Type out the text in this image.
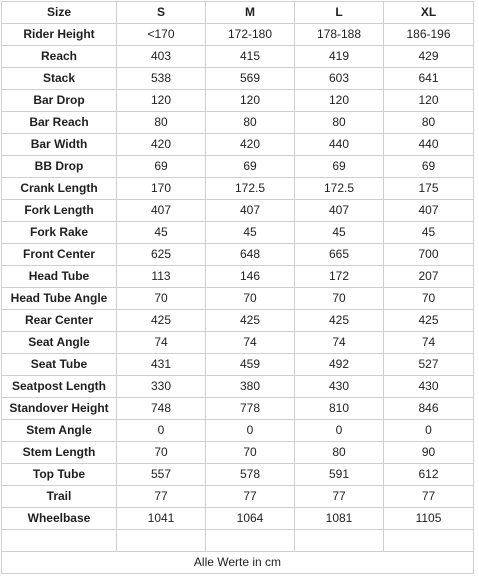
Size	S	M	L	XL
Rider Height	<170	172-180	178-188	186-196
Reach	403	415	419	429
Stack	538	569	603	641
Bar Drop	120	120	120	120
Bar Reach	80	80	80	80
Bar Width	420	420	440	440
BB Drop	69	69	69	69
Crank Length	170	172.5	172.5	175
Fork Length	407	407	407	407
Fork Rake	45	45	45	45
Front Center	625	648	665	700
Head Tube	113	146	172	207
Head Tube Angle	70	70	70	70
Rear Center	425	425	425	425
Seat Angle	74	74	74	74
Seat Tube	431	459	492	527
Seatpost Length	330	380	430	430
Standover Height	748	778	810	846
Stem Angle	0	0	0	0
Stem Length	70	70	80	90
Top Tube	557	578	591	612
Trail	77	77	77	77
Wheelbase	1041	1064	1081	1105

Alle Werte in cm				
